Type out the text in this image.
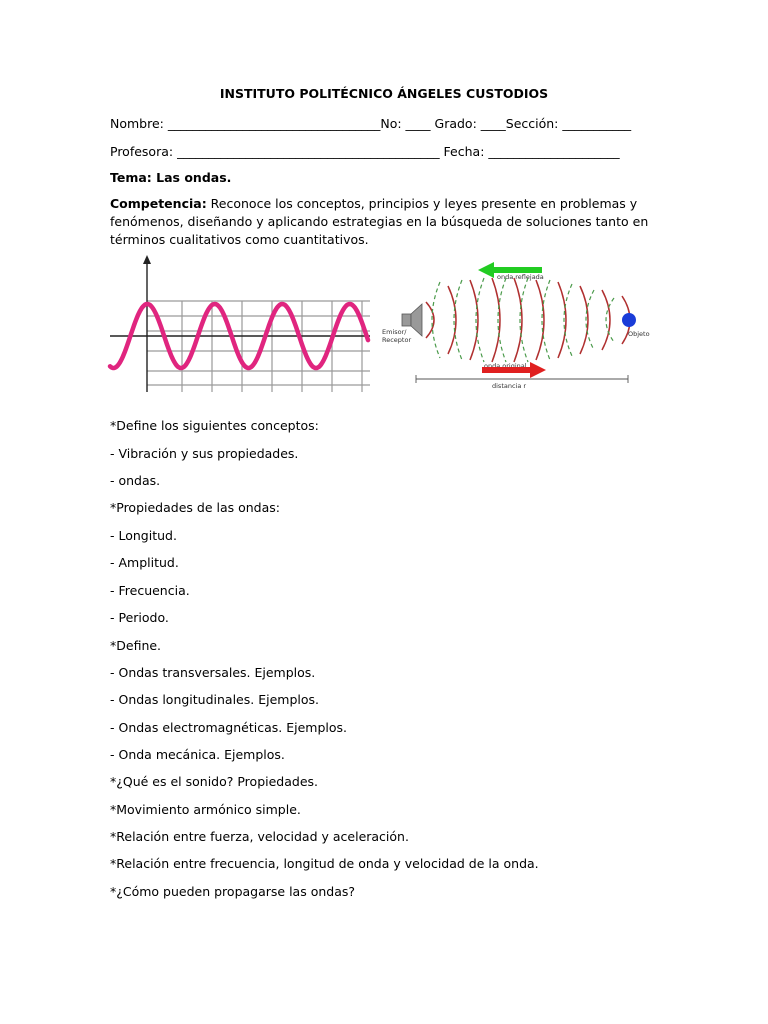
INSTITUTO POLITÉCNICO ÁNGELES CUSTODIOS
Nombre: __________________________________No: ____ Grado: ____Sección: ___________
Profesora: __________________________________________ Fecha: _____________________
Tema: Las ondas.
Competencia: Reconoce los conceptos, principios y leyes presente en problemas y fenómenos, diseñando y aplicando estrategias en la búsqueda de soluciones tanto en términos cualitativos como cuantitativos.
onda reflejada
Emisor/
Receptor
Objeto
onda original
distancia r
*Define los siguientes conceptos:
- Vibración y sus propiedades.
- ondas.
*Propiedades de las ondas:
- Longitud.
- Amplitud.
- Frecuencia.
- Periodo.
*Define.
- Ondas transversales. Ejemplos.
- Ondas longitudinales. Ejemplos.
- Ondas electromagnéticas. Ejemplos.
- Onda mecánica. Ejemplos.
*¿Qué es el sonido? Propiedades.
*Movimiento armónico simple.
*Relación entre fuerza, velocidad y aceleración.
*Relación entre frecuencia, longitud de onda y velocidad de la onda.
*¿Cómo pueden propagarse las ondas?
